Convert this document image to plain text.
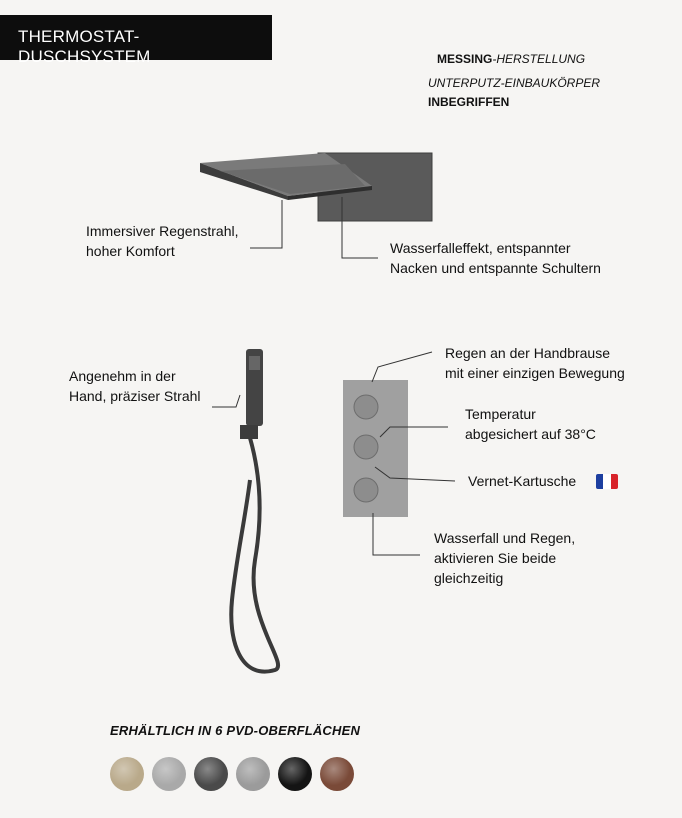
THERMOSTAT-DUSCHSYSTEM	MESSING-HERSTELLUNG
UNTERPUTZ-EINBAUKÖRPER
INBEGRIFFEN
Immersiver Regenstrahl,
hoher Komfort	Wasserfalleffekt, entspannter
Nacken und entspannte Schultern
Angenehm in der
Hand, präziser Strahl
Regen an der Handbrause
mit einer einzigen Bewegung
Temperatur
abgesichert auf 38°C
Vernet-Kartusche
Wasserfall und Regen,
aktivieren Sie beide
gleichzeitig
ERHÄLTLICH IN 6 PVD-OBERFLÄCHEN
